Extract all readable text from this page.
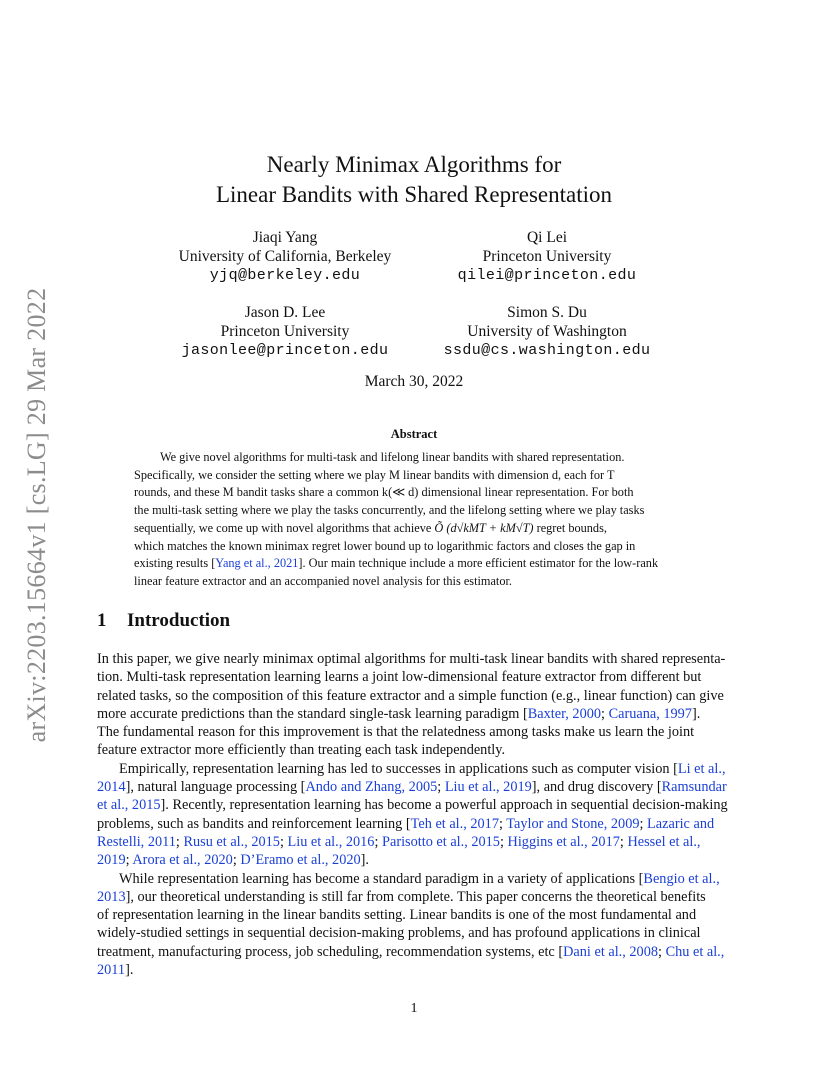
arXiv:2203.15664v1 [cs.LG] 29 Mar 2022
Nearly Minimax Algorithms for
Linear Bandits with Shared Representation
Jiaqi Yang
University of California, Berkeley
yjq@berkeley.edu
Qi Lei
Princeton University
qilei@princeton.edu
Jason D. Lee
Princeton University
jasonlee@princeton.edu
Simon S. Du
University of Washington
ssdu@cs.washington.edu
March 30, 2022
Abstract
We give novel algorithms for multi-task and lifelong linear bandits with shared representation.
Specifically, we consider the setting where we play M linear bandits with dimension d, each for T
rounds, and these M bandit tasks share a common k(≪ d) dimensional linear representation. For both
the multi-task setting where we play the tasks concurrently, and the lifelong setting where we play tasks
sequentially, we come up with novel algorithms that achieve Õ (d√kMT + kM√T) regret bounds,
which matches the known minimax regret lower bound up to logarithmic factors and closes the gap in
existing results [Yang et al., 2021]. Our main technique include a more efficient estimator for the low-rank
linear feature extractor and an accompanied novel analysis for this estimator.
1 Introduction
In this paper, we give nearly minimax optimal algorithms for multi-task linear bandits with shared representa-
tion. Multi-task representation learning learns a joint low-dimensional feature extractor from different but
related tasks, so the composition of this feature extractor and a simple function (e.g., linear function) can give
more accurate predictions than the standard single-task learning paradigm [Baxter, 2000; Caruana, 1997].
The fundamental reason for this improvement is that the relatedness among tasks make us learn the joint
feature extractor more efficiently than treating each task independently.
Empirically, representation learning has led to successes in applications such as computer vision [Li et al.,
2014], natural language processing [Ando and Zhang, 2005; Liu et al., 2019], and drug discovery [Ramsundar
et al., 2015]. Recently, representation learning has become a powerful approach in sequential decision-making
problems, such as bandits and reinforcement learning [Teh et al., 2017; Taylor and Stone, 2009; Lazaric and
Restelli, 2011; Rusu et al., 2015; Liu et al., 2016; Parisotto et al., 2015; Higgins et al., 2017; Hessel et al.,
2019; Arora et al., 2020; D’Eramo et al., 2020].
While representation learning has become a standard paradigm in a variety of applications [Bengio et al.,
2013], our theoretical understanding is still far from complete. This paper concerns the theoretical benefits
of representation learning in the linear bandits setting. Linear bandits is one of the most fundamental and
widely-studied settings in sequential decision-making problems, and has profound applications in clinical
treatment, manufacturing process, job scheduling, recommendation systems, etc [Dani et al., 2008; Chu et al.,
2011].
1
